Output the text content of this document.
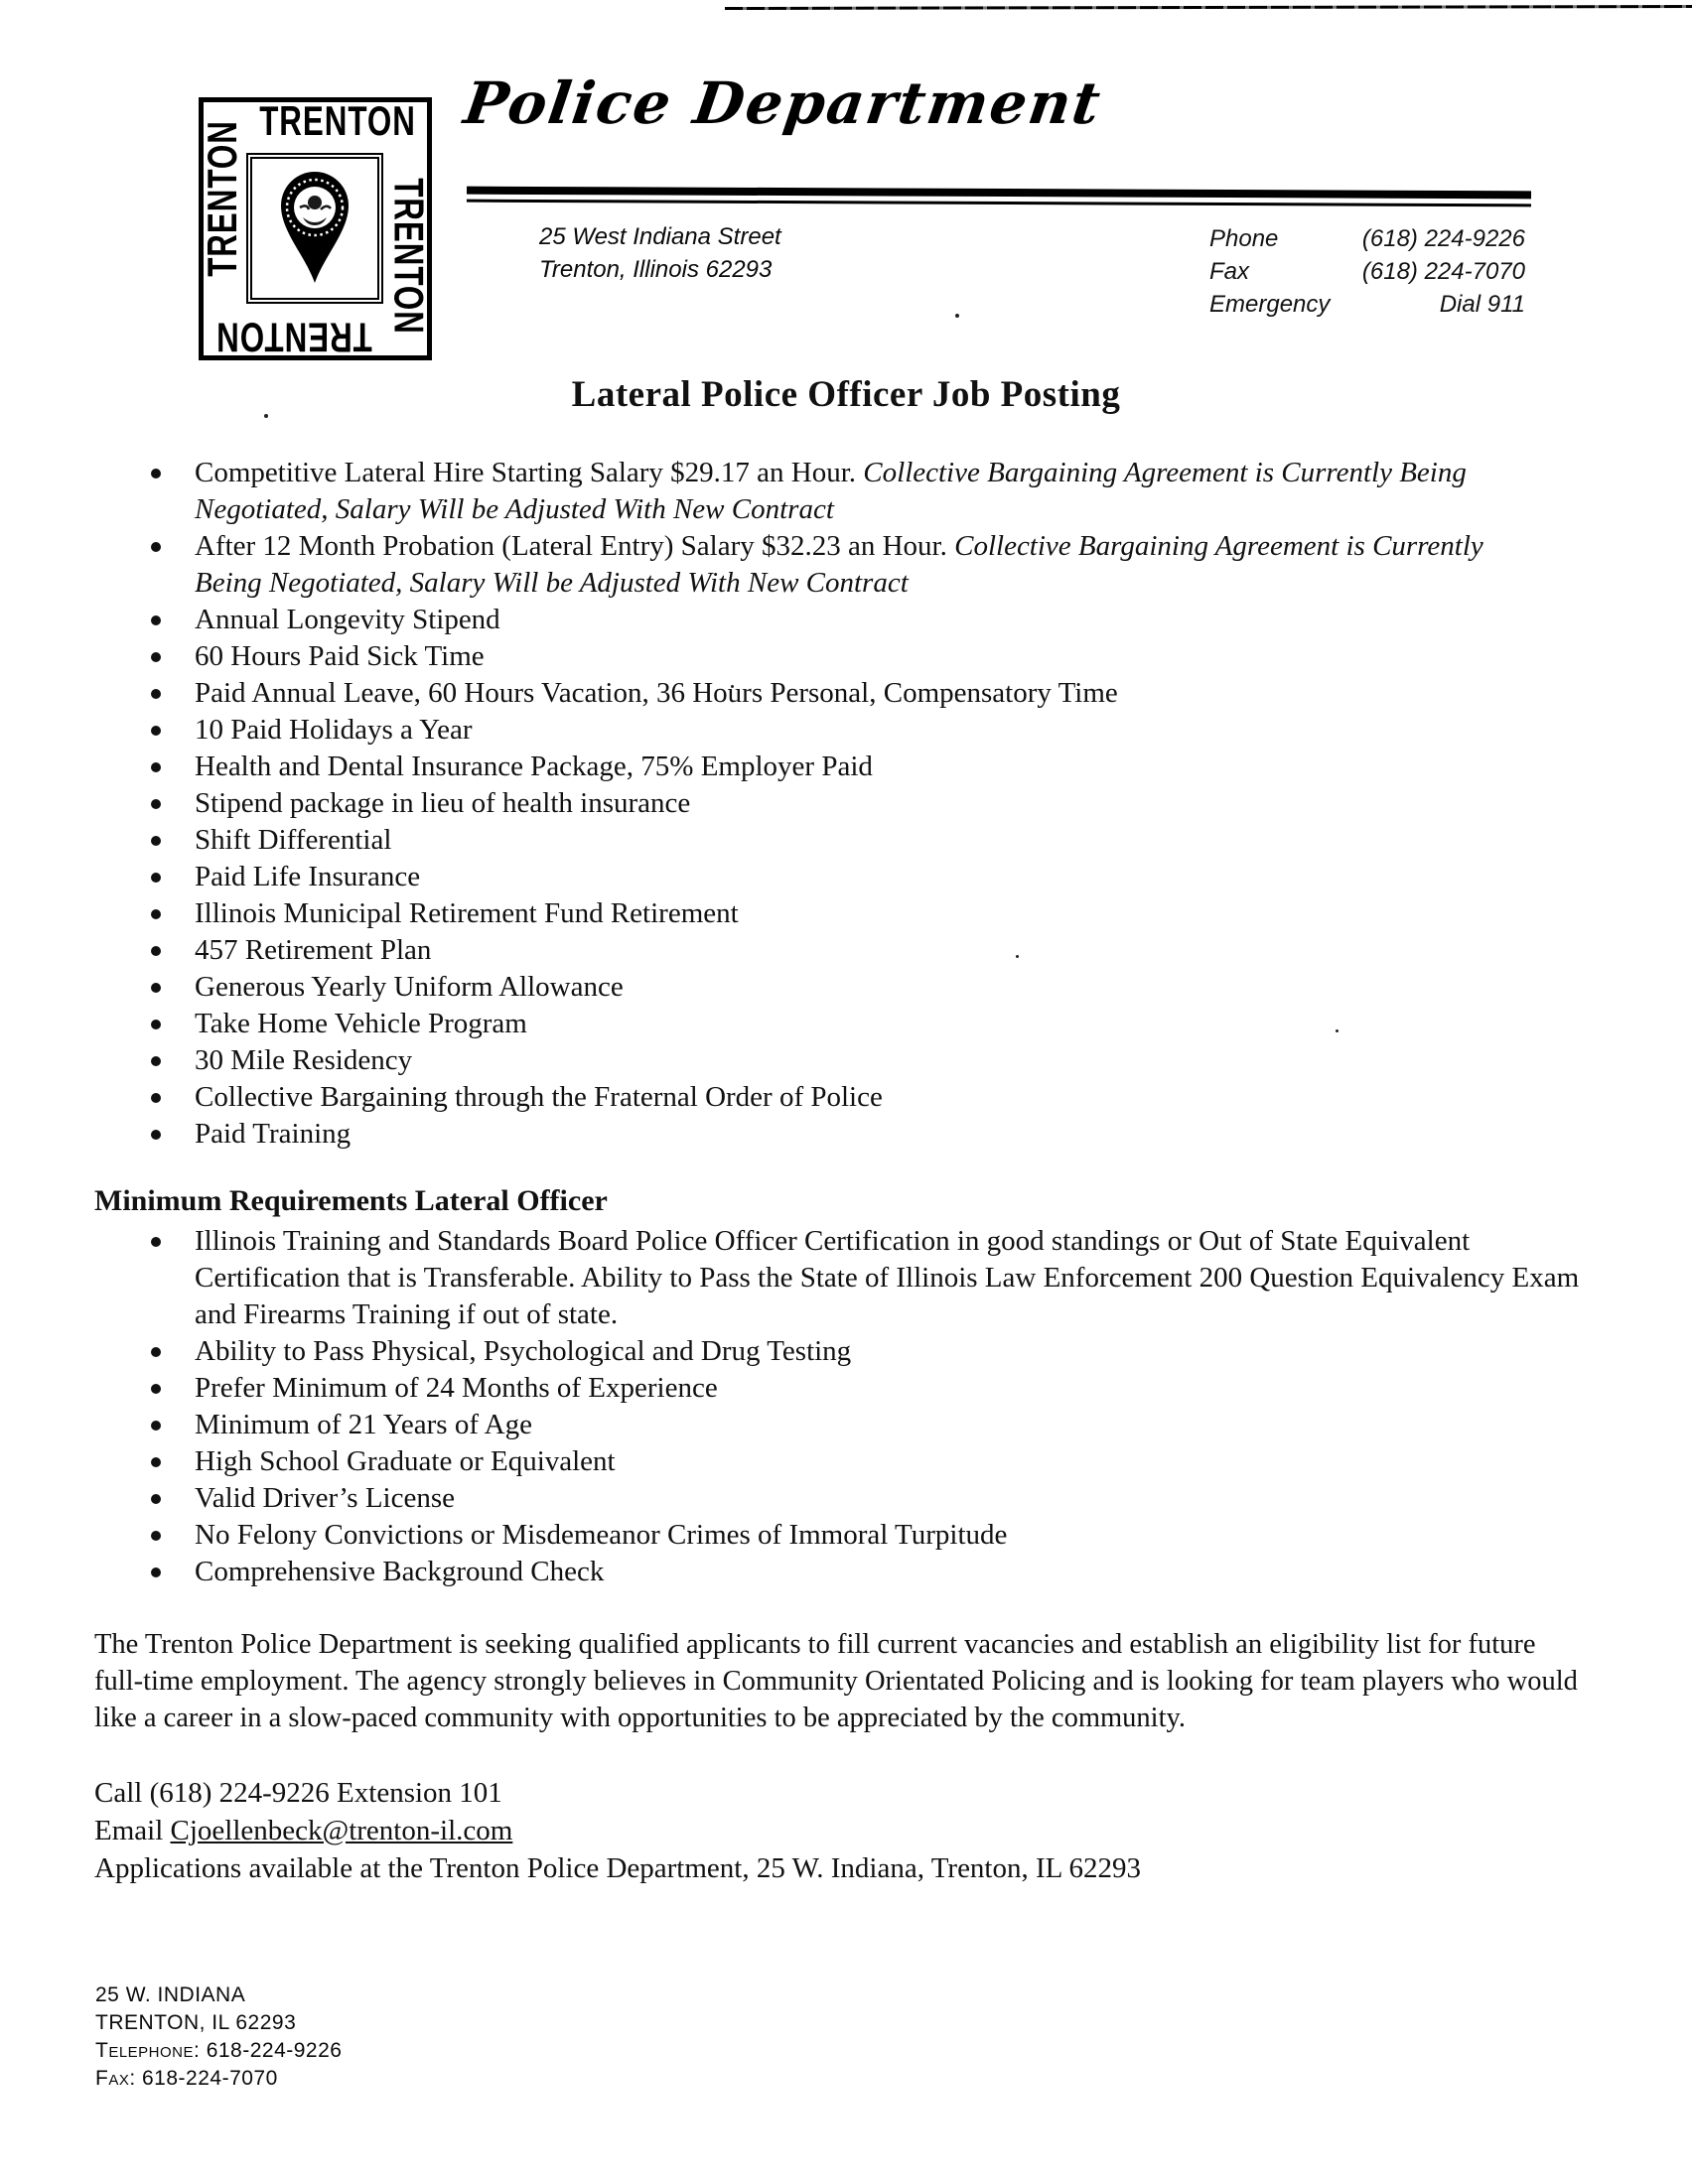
TRENTON
TRENTON
TRENTON
TRENTON
Police Department
25 West Indiana Street
Trenton, Illinois 62293
Phone	(618) 224-9226
Fax	(618) 224-7070
Emergency	Dial 911
Lateral Police Officer Job Posting
Competitive Lateral Hire Starting Salary $29.17 an Hour. Collective Bargaining Agreement is Currently Being Negotiated, Salary Will be Adjusted With New Contract
After 12 Month Probation (Lateral Entry) Salary $32.23 an Hour. Collective Bargaining Agreement is Currently Being Negotiated, Salary Will be Adjusted With New Contract
Annual Longevity Stipend
60 Hours Paid Sick Time
Paid Annual Leave, 60 Hours Vacation, 36 Hours Personal, Compensatory Time
10 Paid Holidays a Year
Health and Dental Insurance Package, 75% Employer Paid
Stipend package in lieu of health insurance
Shift Differential
Paid Life Insurance
Illinois Municipal Retirement Fund Retirement
457 Retirement Plan
Generous Yearly Uniform Allowance
Take Home Vehicle Program
30 Mile Residency
Collective Bargaining through the Fraternal Order of Police
Paid Training
Minimum Requirements Lateral Officer
Illinois Training and Standards Board Police Officer Certification in good standings or Out of State Equivalent Certification that is Transferable. Ability to Pass the State of Illinois Law Enforcement 200 Question Equivalency Exam and Firearms Training if out of state.
Ability to Pass Physical, Psychological and Drug Testing
Prefer Minimum of 24 Months of Experience
Minimum of 21 Years of Age
High School Graduate or Equivalent
Valid Driver’s License
No Felony Convictions or Misdemeanor Crimes of Immoral Turpitude
Comprehensive Background Check
The Trenton Police Department is seeking qualified applicants to fill current vacancies and establish an eligibility list for future full-time employment. The agency strongly believes in Community Orientated Policing and is looking for team players who would like a career in a slow-paced community with opportunities to be appreciated by the community.
Call (618) 224-9226 Extension 101
Email Cjoellenbeck@trenton-il.com
Applications available at the Trenton Police Department, 25 W. Indiana, Trenton, IL 62293
25 W. INDIANA
TRENTON, IL 62293
Telephone: 618-224-9226
Fax: 618-224-7070
